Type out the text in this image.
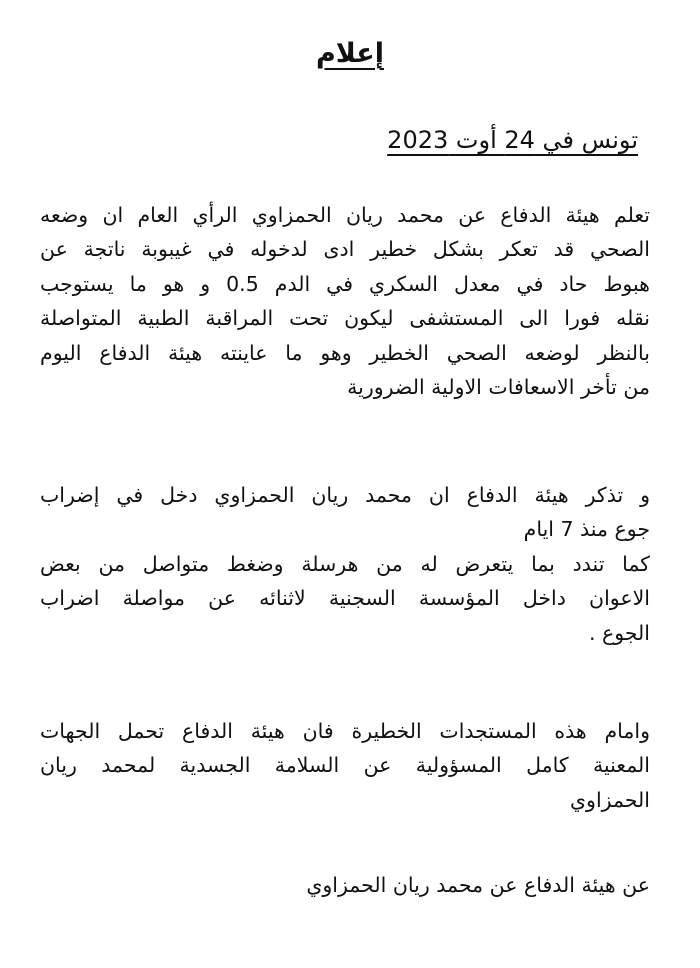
إعلام
تونس في 24 أوت 2023
تعلم هيئة الدفاع عن محمد ريان الحمزاوي الرأي العام ان وضعه
الصحي قد تعكر بشكل خطير ادى لدخوله في غيبوبة ناتجة عن
هبوط حاد في معدل السكري في الدم 0.5 و هو ما يستوجب
نقله فورا الى المستشفى ليكون تحت المراقبة الطبية المتواصلة
بالنظر لوضعه الصحي الخطير وهو ما عاينته هيئة الدفاع اليوم
من تأخر الاسعافات الاولية الضرورية
و تذكر هيئة الدفاع ان محمد ريان الحمزاوي دخل في إضراب
جوع منذ 7 ايام
كما تندد بما يتعرض له من هرسلة وضغط متواصل من بعض
الاعوان داخل المؤسسة السجنية لاثنائه عن مواصلة اضراب
الجوع .
وامام هذه المستجدات الخطيرة فان هيئة الدفاع تحمل الجهات
المعنية كامل المسؤولية عن السلامة الجسدية لمحمد ريان
الحمزاوي
عن هيئة الدفاع عن محمد ريان الحمزاوي
